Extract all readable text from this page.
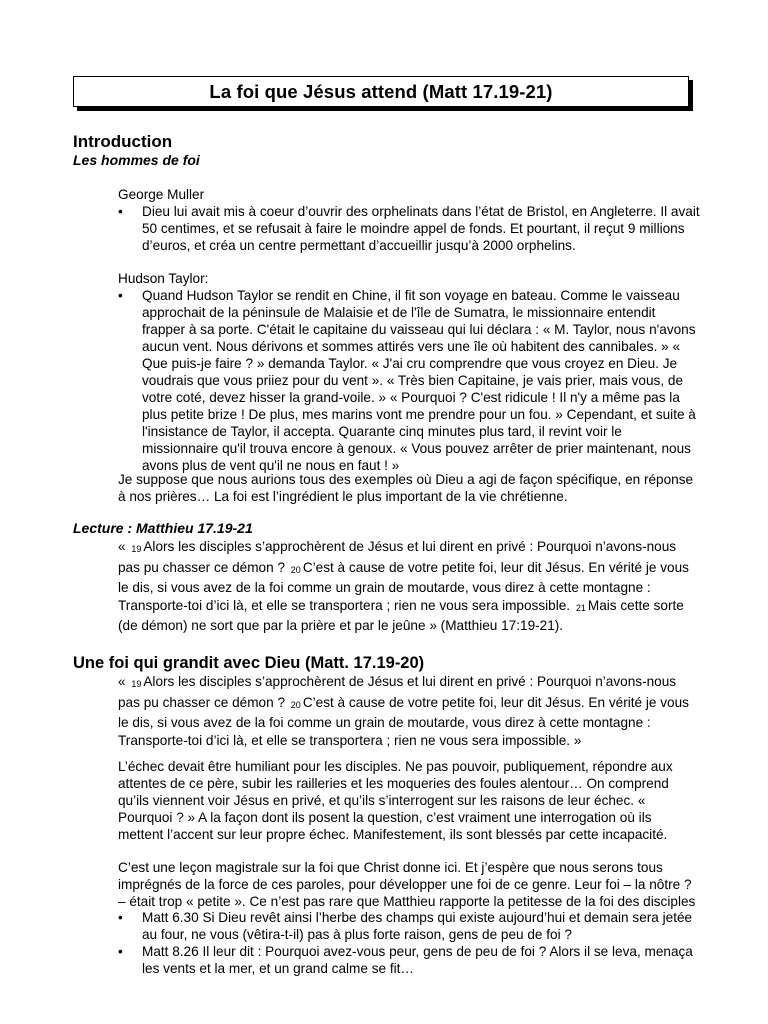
La foi que Jésus attend (Matt 17.19-21)
Introduction
Les hommes de foi

George Muller

•	Dieu lui avait mis à coeur d’ouvrir des orphelinats dans l’état de Bristol, en Angleterre. Il avait 50 centimes, et se refusait à faire le moindre appel de fonds. Et pourtant, il reçut 9 millions d’euros, et créa un centre permettant d’accueillir jusqu’à 2000 orphelins.

Hudson Taylor:

•	Quand Hudson Taylor se rendit en Chine, il fit son voyage en bateau. Comme le vaisseau approchait de la péninsule de Malaisie et de l'île de Sumatra, le missionnaire entendit frapper à sa porte. C'était le capitaine du vaisseau qui lui déclara : « M. Taylor, nous n'avons aucun vent. Nous dérivons et sommes attirés vers une île où habitent des cannibales. » « Que puis-je faire ? » demanda Taylor. « J'ai cru comprendre que vous croyez en Dieu. Je voudrais que vous priiez pour du vent ». « Très bien Capitaine, je vais prier, mais vous, de votre coté, devez hisser la grand-voile. » « Pourquoi ? C'est ridicule ! Il n'y a même pas la plus petite brize ! De plus, mes marins vont me prendre pour un fou. » Cependant, et suite à l'insistance de Taylor, il accepta. Quarante cinq minutes plus tard, il revint voir le missionnaire qu'il trouva encore à genoux. « Vous pouvez arrêter de prier maintenant, nous avons plus de vent qu'il ne nous en faut ! »

Je suppose que nous aurions tous des exemples où Dieu a agi de façon spécifique, en réponse à nos prières… La foi est l’ingrédient le plus important de la vie chrétienne.

Lecture : Matthieu 17.19-21

« 19 Alors les disciples s’approchèrent de Jésus et lui dirent en privé : Pourquoi n’avons-nous pas pu chasser ce démon ? 20 C’est à cause de votre petite foi, leur dit Jésus. En vérité je vous le dis, si vous avez de la foi comme un grain de moutarde, vous direz à cette montagne : Transporte-toi d’ici là, et elle se transportera ; rien ne vous sera impossible. 21 Mais cette sorte (de démon) ne sort que par la prière et par le jeûne » (Matthieu 17:19-21).

Une foi qui grandit avec Dieu (Matt. 17.19-20)

« 19 Alors les disciples s’approchèrent de Jésus et lui dirent en privé : Pourquoi n’avons-nous pas pu chasser ce démon ? 20 C’est à cause de votre petite foi, leur dit Jésus. En vérité je vous le dis, si vous avez de la foi comme un grain de moutarde, vous direz à cette montagne : Transporte-toi d’ici là, et elle se transportera ; rien ne vous sera impossible. »

L’échec devait être humiliant pour les disciples. Ne pas pouvoir, publiquement, répondre aux attentes de ce père, subir les railleries et les moqueries des foules alentour… On comprend qu’ils viennent voir Jésus en privé, et qu’ils s’interrogent sur les raisons de leur échec. « Pourquoi ? » A la façon dont ils posent la question, c’est vraiment une interrogation où ils mettent l’accent sur leur propre échec. Manifestement, ils sont blessés par cette incapacité.

C’est une leçon magistrale sur la foi que Christ donne ici. Et j’espère que nous serons tous imprégnés de la force de ces paroles, pour développer une foi de ce genre. Leur foi – la nôtre ? – était trop « petite ». Ce n’est pas rare que Matthieu rapporte la petitesse de la foi des disciples

•	Matt 6.30 Si Dieu revêt ainsi l’herbe des champs qui existe aujourd’hui et demain sera jetée au four, ne vous (vêtira-t-il) pas à plus forte raison, gens de peu de foi ?
•	Matt 8.26 Il leur dit : Pourquoi avez-vous peur, gens de peu de foi ? Alors il se leva, menaça les vents et la mer, et un grand calme se fit…
